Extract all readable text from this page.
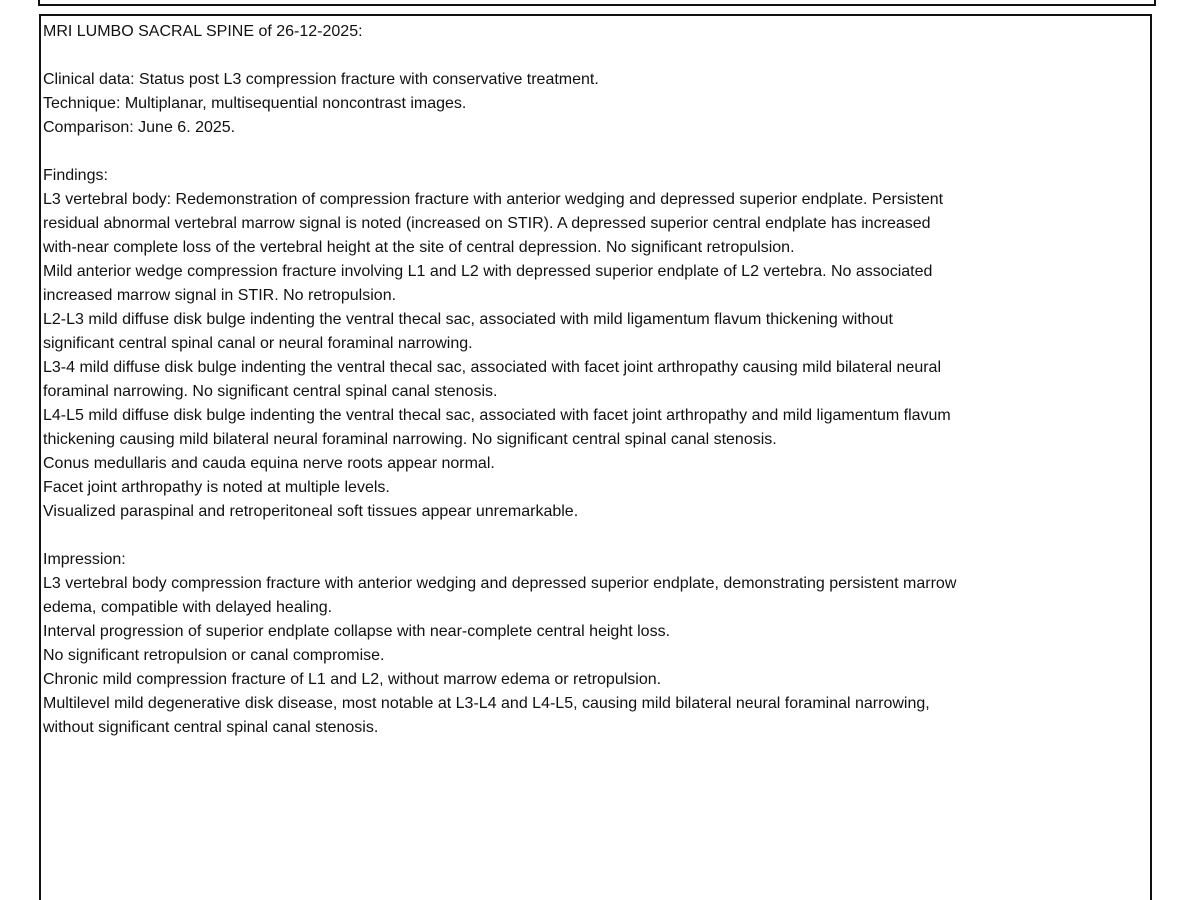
MRI LUMBO SACRAL SPINE of 26-12-2025:
Clinical data: Status post L3 compression fracture with conservative treatment.
Technique: Multiplanar, multisequential noncontrast images.
Comparison: June 6. 2025.
Findings:
L3 vertebral body: Redemonstration of compression fracture with anterior wedging and depressed superior endplate. Persistent
residual abnormal vertebral marrow signal is noted (increased on STIR). A depressed superior central endplate has increased
with-near complete loss of the vertebral height at the site of central depression. No significant retropulsion.
Mild anterior wedge compression fracture involving L1 and L2 with depressed superior endplate of L2 vertebra. No associated
increased marrow signal in STIR. No retropulsion.
L2-L3 mild diffuse disk bulge indenting the ventral thecal sac, associated with mild ligamentum flavum thickening without
significant central spinal canal or neural foraminal narrowing.
L3-4 mild diffuse disk bulge indenting the ventral thecal sac, associated with facet joint arthropathy causing mild bilateral neural
foraminal narrowing. No significant central spinal canal stenosis.
L4-L5 mild diffuse disk bulge indenting the ventral thecal sac, associated with facet joint arthropathy and mild ligamentum flavum
thickening causing mild bilateral neural foraminal narrowing. No significant central spinal canal stenosis.
Conus medullaris and cauda equina nerve roots appear normal.
Facet joint arthropathy is noted at multiple levels.
Visualized paraspinal and retroperitoneal soft tissues appear unremarkable.
Impression:
L3 vertebral body compression fracture with anterior wedging and depressed superior endplate, demonstrating persistent marrow
edema, compatible with delayed healing.
Interval progression of superior endplate collapse with near-complete central height loss.
No significant retropulsion or canal compromise.
Chronic mild compression fracture of L1 and L2, without marrow edema or retropulsion.
Multilevel mild degenerative disk disease, most notable at L3-L4 and L4-L5, causing mild bilateral neural foraminal narrowing,
without significant central spinal canal stenosis.
